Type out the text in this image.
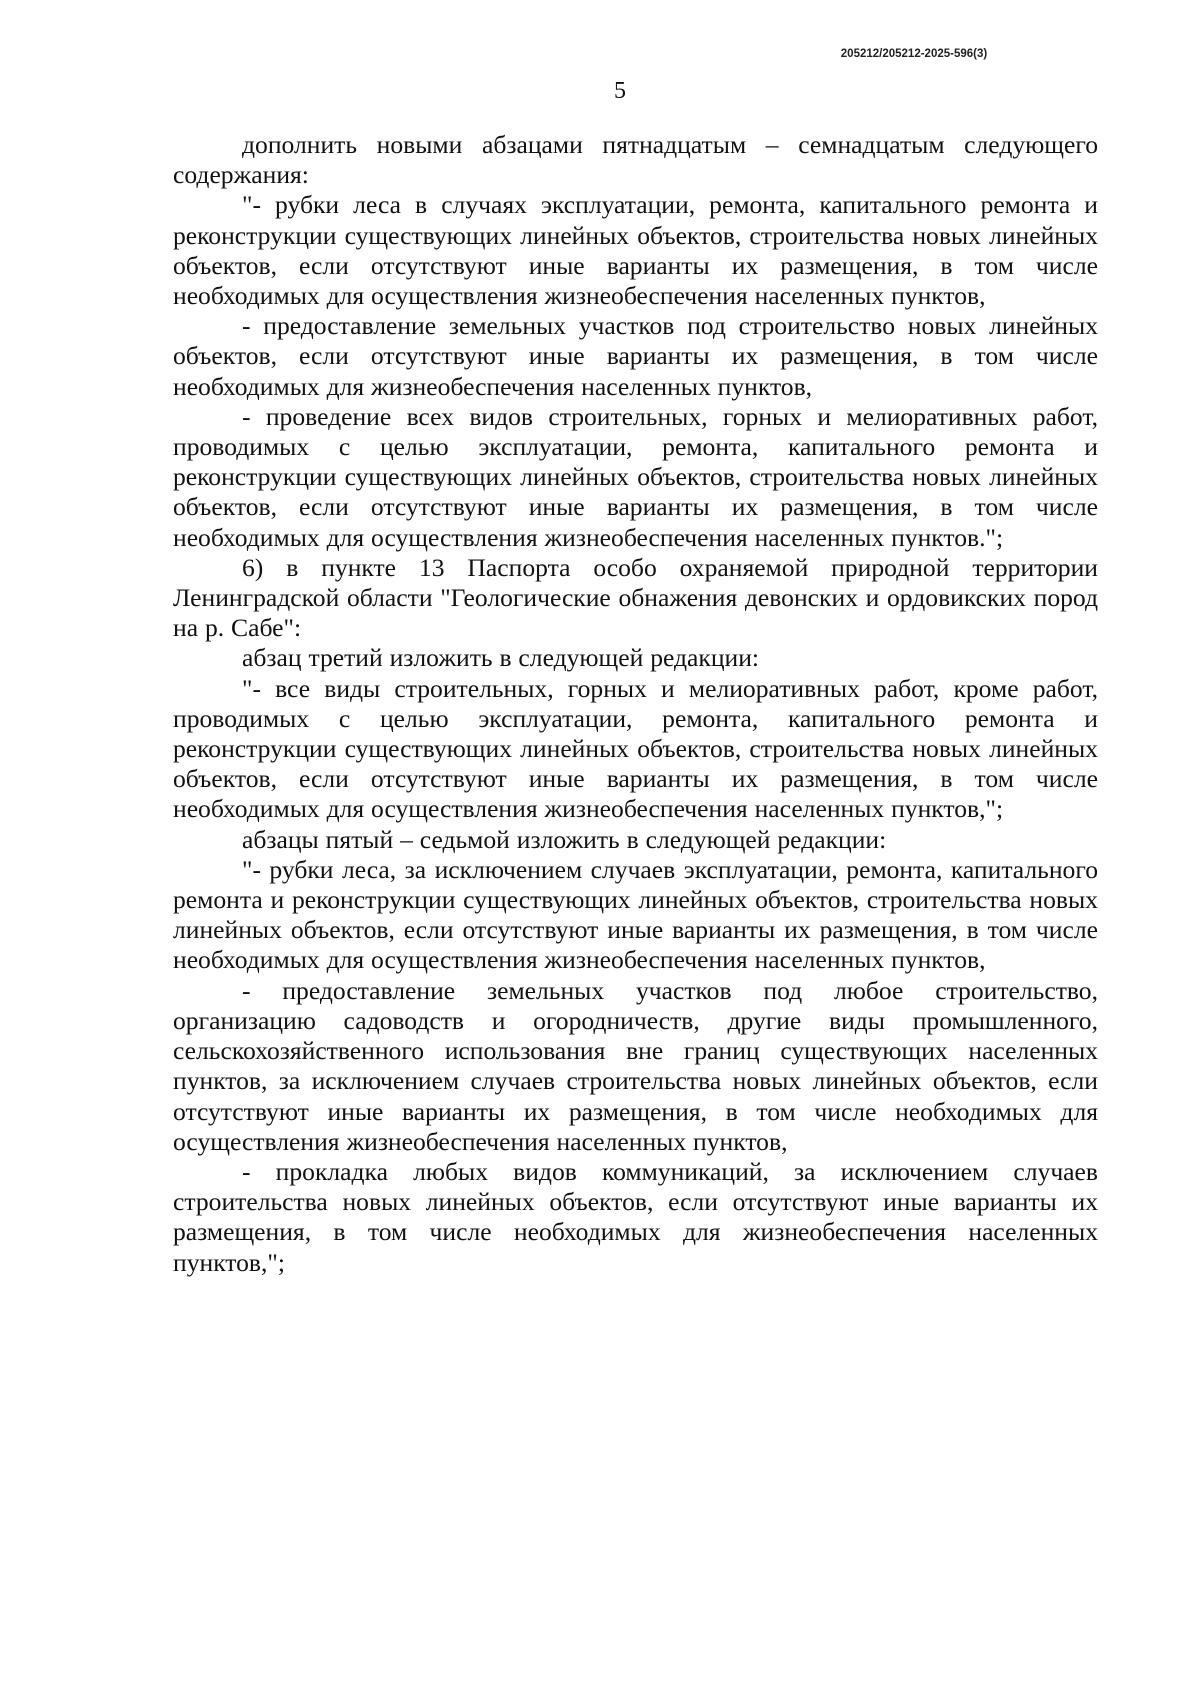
205212/205212-2025-596(3)
5

дополнить новыми абзацами пятнадцатым – семнадцатым следующего содержания:

"- рубки леса в случаях эксплуатации, ремонта, капитального ремонта и реконструкции существующих линейных объектов, строительства новых линейных объектов, если отсутствуют иные варианты их размещения, в том числе необходимых для осуществления жизнеобеспечения населенных пунктов,

- предоставление земельных участков под строительство новых линейных объектов, если отсутствуют иные варианты их размещения, в том числе необходимых для жизнеобеспечения населенных пунктов,

- проведение всех видов строительных, горных и мелиоративных работ, проводимых с целью эксплуатации, ремонта, капитального ремонта и реконструкции существующих линейных объектов, строительства новых линейных объектов, если отсутствуют иные варианты их размещения, в том числе необходимых для осуществления жизнеобеспечения населенных пунктов.";

6) в пункте 13 Паспорта особо охраняемой природной территории Ленинградской области "Геологические обнажения девонских и ордовикских пород на р. Сабе":

абзац третий изложить в следующей редакции:

"- все виды строительных, горных и мелиоративных работ, кроме работ, проводимых с целью эксплуатации, ремонта, капитального ремонта и реконструкции существующих линейных объектов, строительства новых линейных объектов, если отсутствуют иные варианты их размещения, в том числе необходимых для осуществления жизнеобеспечения населенных пунктов,";

абзацы пятый – седьмой изложить в следующей редакции:

"- рубки леса, за исключением случаев эксплуатации, ремонта, капитального ремонта и реконструкции существующих линейных объектов, строительства новых линейных объектов, если отсутствуют иные варианты их размещения, в том числе необходимых для осуществления жизнеобеспечения населенных пунктов,

- предоставление земельных участков под любое строительство, организацию садоводств и огородничеств, другие виды промышленного, сельскохозяйственного использования вне границ существующих населенных пунктов, за исключением случаев строительства новых линейных объектов, если отсутствуют иные варианты их размещения, в том числе необходимых для осуществления жизнеобеспечения населенных пунктов,

- прокладка любых видов коммуникаций, за исключением случаев строительства новых линейных объектов, если отсутствуют иные варианты их размещения, в том числе необходимых для жизнеобеспечения населенных пунктов,";
